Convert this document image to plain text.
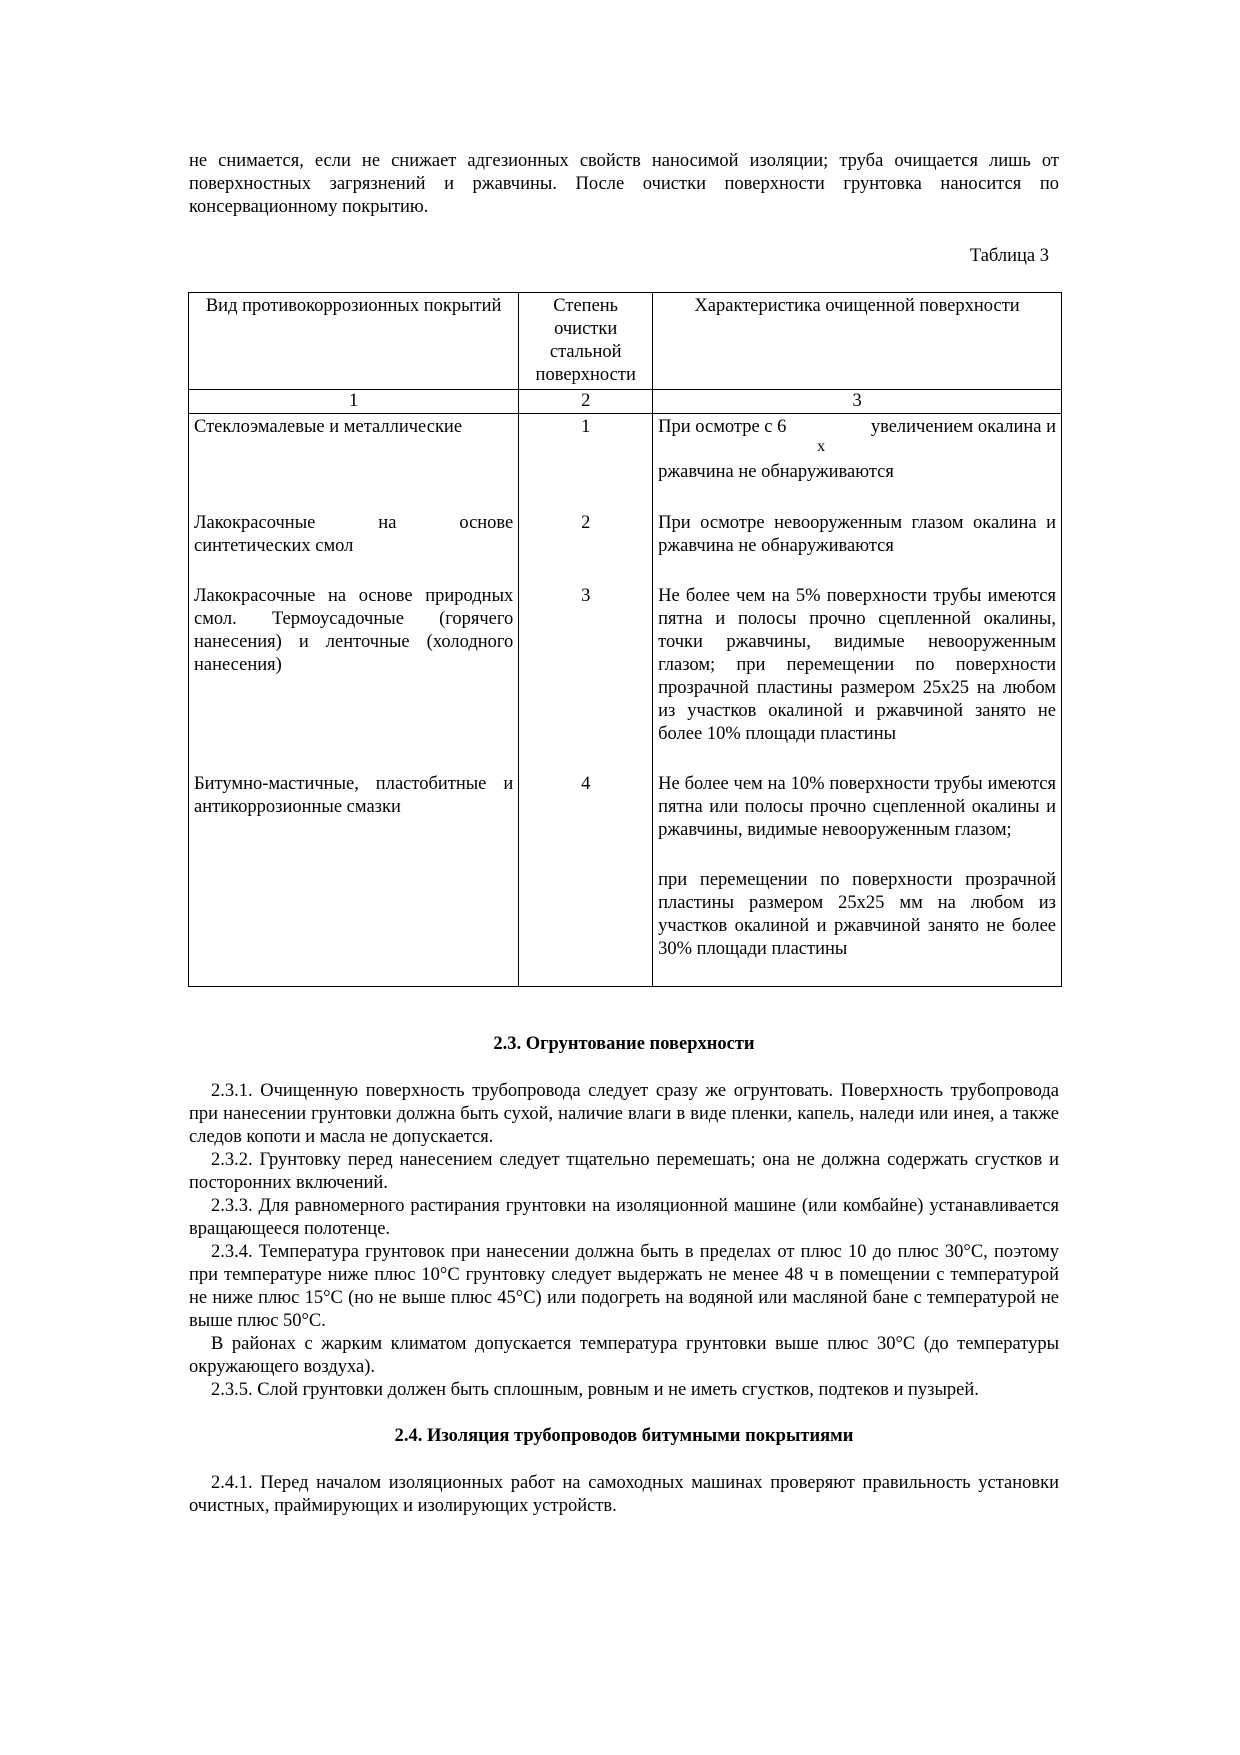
не снимается, если не снижает адгезионных свойств наносимой изоляции; труба очищается лишь от поверхностных загрязнений и ржавчины. После очистки поверхности грунтовка наносится по консервационному покрытию.

Таблица 3
Вид противокоррозионных покрытий	Степень очистки стальной поверхности	Характеристика очищенной поверхности
1	2	3
Стеклоэмалевые и металлические	1	При осмотре с 6 увеличением окалина и
х
ржавчина не обнаруживаются

Лакокрасочные на основе синтетических смол	2	При осмотре невооруженным глазом окалина и ржавчина не обнаруживаются
Лакокрасочные на основе природных смол. Термоусадочные (горячего нанесения) и ленточные (холодного нанесения)	3	Не более чем на 5% поверхности трубы имеются пятна и полосы прочно сцепленной окалины, точки ржавчины, видимые невооруженным глазом; при перемещении по поверхности прозрачной пластины размером 25х25 на любом из участков окалиной и ржавчиной занято не более 10% площади пластины

Битумно-мастичные, пластобитные и антикоррозионные смазки	4	Не более чем на 10% поверхности трубы имеются пятна или полосы прочно сцепленной окалины и ржавчины, видимые невооруженным глазом;

		при перемещении по поверхности прозрачной пластины размером 25х25 мм на любом из участков окалиной и ржавчиной занято не более 30% площади пластины
2.3. Огрунтование поверхности

2.3.1. Очищенную поверхность трубопровода следует сразу же огрунтовать. Поверхность трубопровода при нанесении грунтовки должна быть сухой, наличие влаги в виде пленки, капель, наледи или инея, а также следов копоти и масла не допускается.

2.3.2. Грунтовку перед нанесением следует тщательно перемешать; она не должна содержать сгустков и посторонних включений.

2.3.3. Для равномерного растирания грунтовки на изоляционной машине (или комбайне) устанавливается вращающееся полотенце.

2.3.4. Температура грунтовок при нанесении должна быть в пределах от плюс 10 до плюс 30°С, поэтому при температуре ниже плюс 10°С грунтовку следует выдержать не менее 48 ч в помещении с температурой не ниже плюс 15°С (но не выше плюс 45°С) или подогреть на водяной или масляной бане с температурой не выше плюс 50°С.

В районах с жарким климатом допускается температура грунтовки выше плюс 30°С (до температуры окружающего воздуха).

2.3.5. Слой грунтовки должен быть сплошным, ровным и не иметь сгустков, подтеков и пузырей.

2.4. Изоляция трубопроводов битумными покрытиями

2.4.1. Перед началом изоляционных работ на самоходных машинах проверяют правильность установки очистных, праймирующих и изолирующих устройств.
